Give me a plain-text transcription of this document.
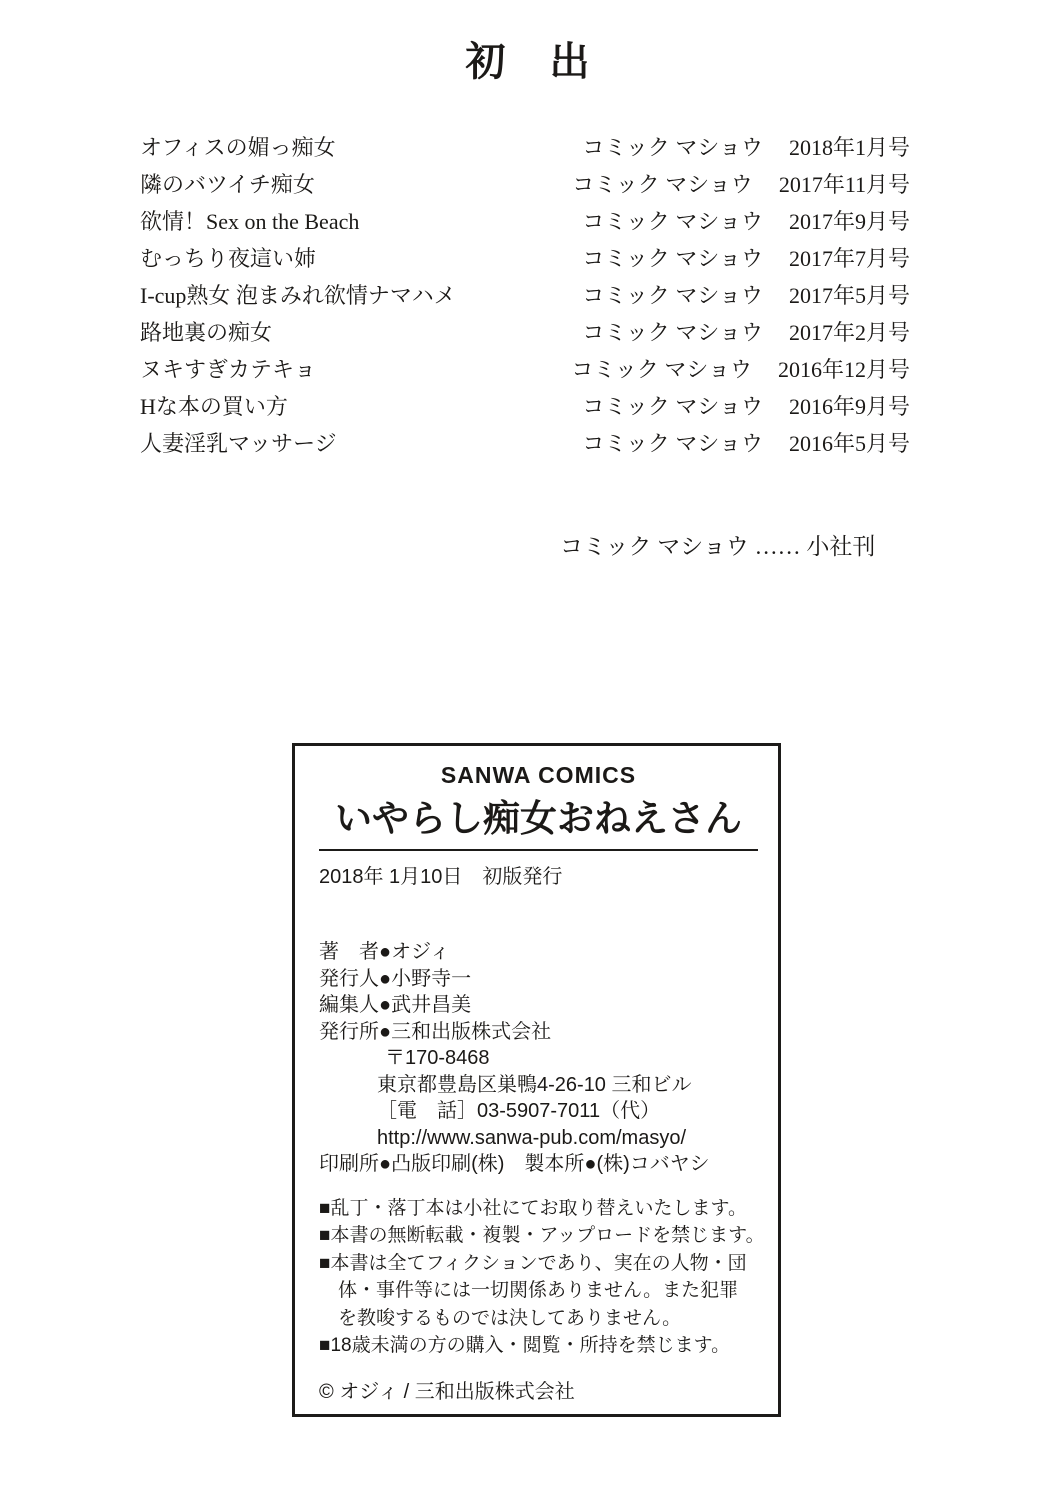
初　出
オフィスの媚っ痴女	コミック マショウ 2018年1月号
隣のバツイチ痴女	コミック マショウ 2017年11月号
欲情！Sex on the Beach	コミック マショウ 2017年9月号
むっちり夜這い姉	コミック マショウ 2017年7月号
I-cup熟女 泡まみれ欲情ナマハメ	コミック マショウ 2017年5月号
路地裏の痴女	コミック マショウ 2017年2月号
ヌキすぎカテキョ	コミック マショウ 2016年12月号
Hな本の買い方	コミック マショウ 2016年9月号
人妻淫乳マッサージ	コミック マショウ 2016年5月号
コミック マショウ …… 小社刊
SANWA COMICS
いやらし痴女おねえさん
2018年 1月10日　初版発行
著　者●オジィ
発行人●小野寺一
編集人●武井昌美
発行所●三和出版株式会社
〒170-8468
東京都豊島区巣鴨4-26-10 三和ビル
［電　話］03-5907-7011（代）
http://www.sanwa-pub.com/masyo/
印刷所●凸版印刷(株)　製本所●(株)コバヤシ
■乱丁・落丁本は小社にてお取り替えいたします。
■本書の無断転載・複製・アップロードを禁じます。
■本書は全てフィクションであり、実在の人物・団
体・事件等には一切関係ありません。また犯罪
を教唆するものでは決してありません。
■18歳未満の方の購入・閲覧・所持を禁じます。
© オジィ / 三和出版株式会社
